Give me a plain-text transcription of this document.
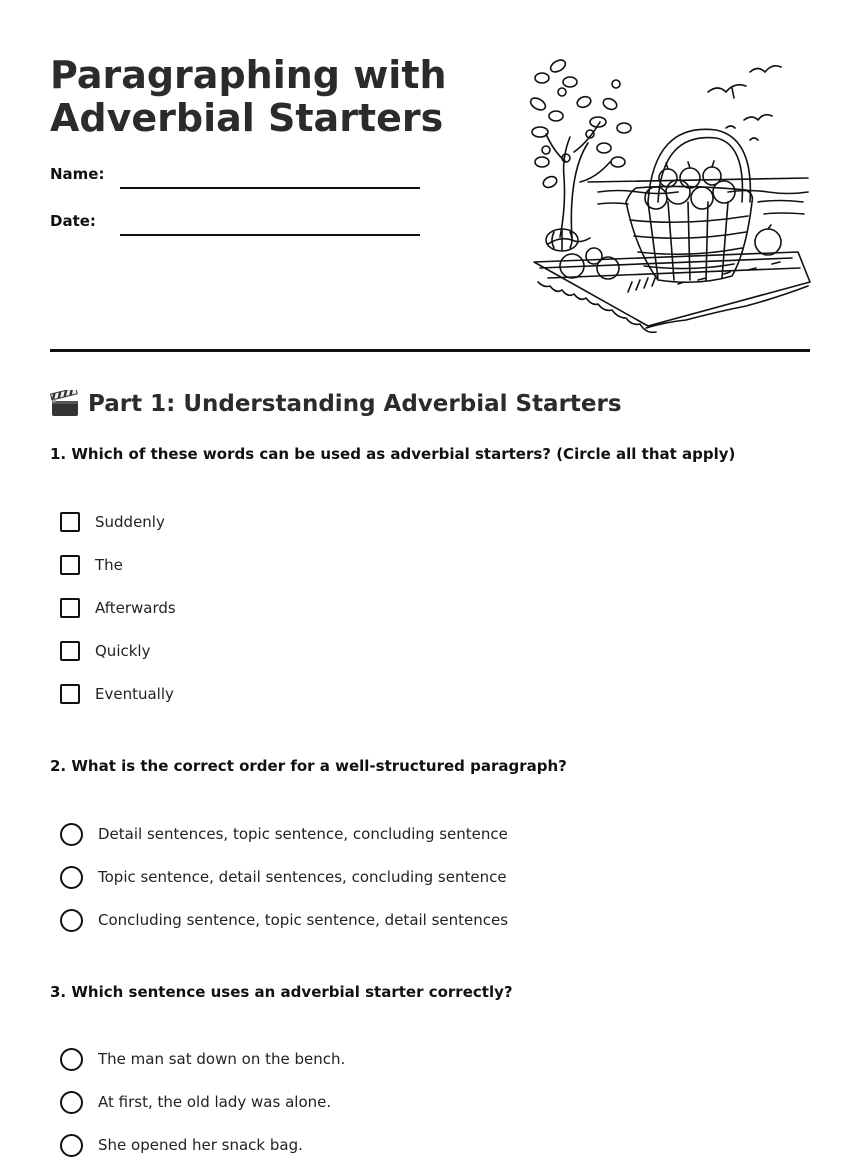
Paragraphing with Adverbial Starters
Name:
Date:
Part 1: Understanding Adverbial Starters
1. Which of these words can be used as adverbial starters? (Circle all that apply)
Suddenly
The
Afterwards
Quickly
Eventually
2. What is the correct order for a well-structured paragraph?
Detail sentences, topic sentence, concluding sentence
Topic sentence, detail sentences, concluding sentence
Concluding sentence, topic sentence, detail sentences
3. Which sentence uses an adverbial starter correctly?
The man sat down on the bench.
At first, the old lady was alone.
She opened her snack bag.
